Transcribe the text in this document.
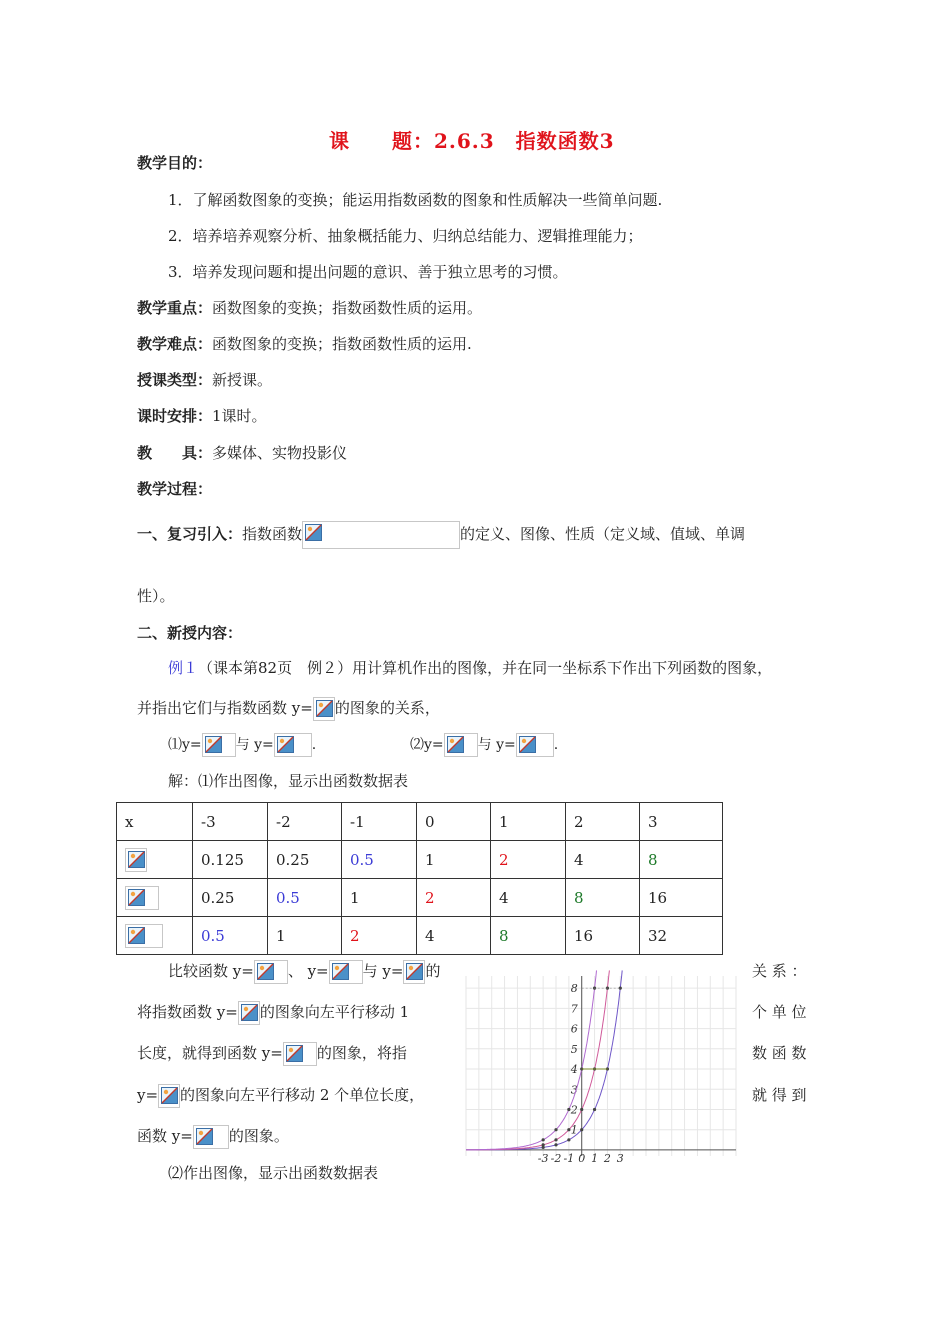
课　　题：2.6.3　指数函数3
教学目的：
1．了解函数图象的变换；能运用指数函数的图象和性质解决一些简单问题.
2．培养培养观察分析、抽象概括能力、归纳总结能力、逻辑推理能力；
3．培养发现问题和提出问题的意识、善于独立思考的习惯。
教学重点：函数图象的变换；指数函数性质的运用。
教学难点：函数图象的变换；指数函数性质的运用.
授课类型：新授课。
课时安排：1课时。
教　　具：多媒体、实物投影仪
教学过程：
一、复习引入：指数函数	的定义、图像、性质（定义域、值域、单调
性）。
二、新授内容：
例１（课本第82页　例２）用计算机作出的图像，并在同一坐标系下作出下列函数的图象，
并指出它们与指数函数 y= 的图象的关系，
⑴y= 与 y=	.	⑵y= 与 y=	.
解：⑴作出图像，显示出函数数据表
x	-3	-2	-1	0	1	2	3

	0.125	0.25	0.5	1	2	4	8

	0.25	0.5	1	2	4	8	16

	0.5	1	2	4	8	16	32
比较函数 y= 、 y= 与 y= 的	关 系 ：
将指数函数 y= 的图象向左平行移动 1	个 单 位
长度，就得到函数 y= 的图象，将指	数 函 数
y= 的图象向左平行移动 2 个单位长度，	就 得 到
函数 y= 的图象。
⑵作出图像，显示出函数数据表
-3 -2 -1 0 1 2 3
1
2
3
4
5
6
7
8
